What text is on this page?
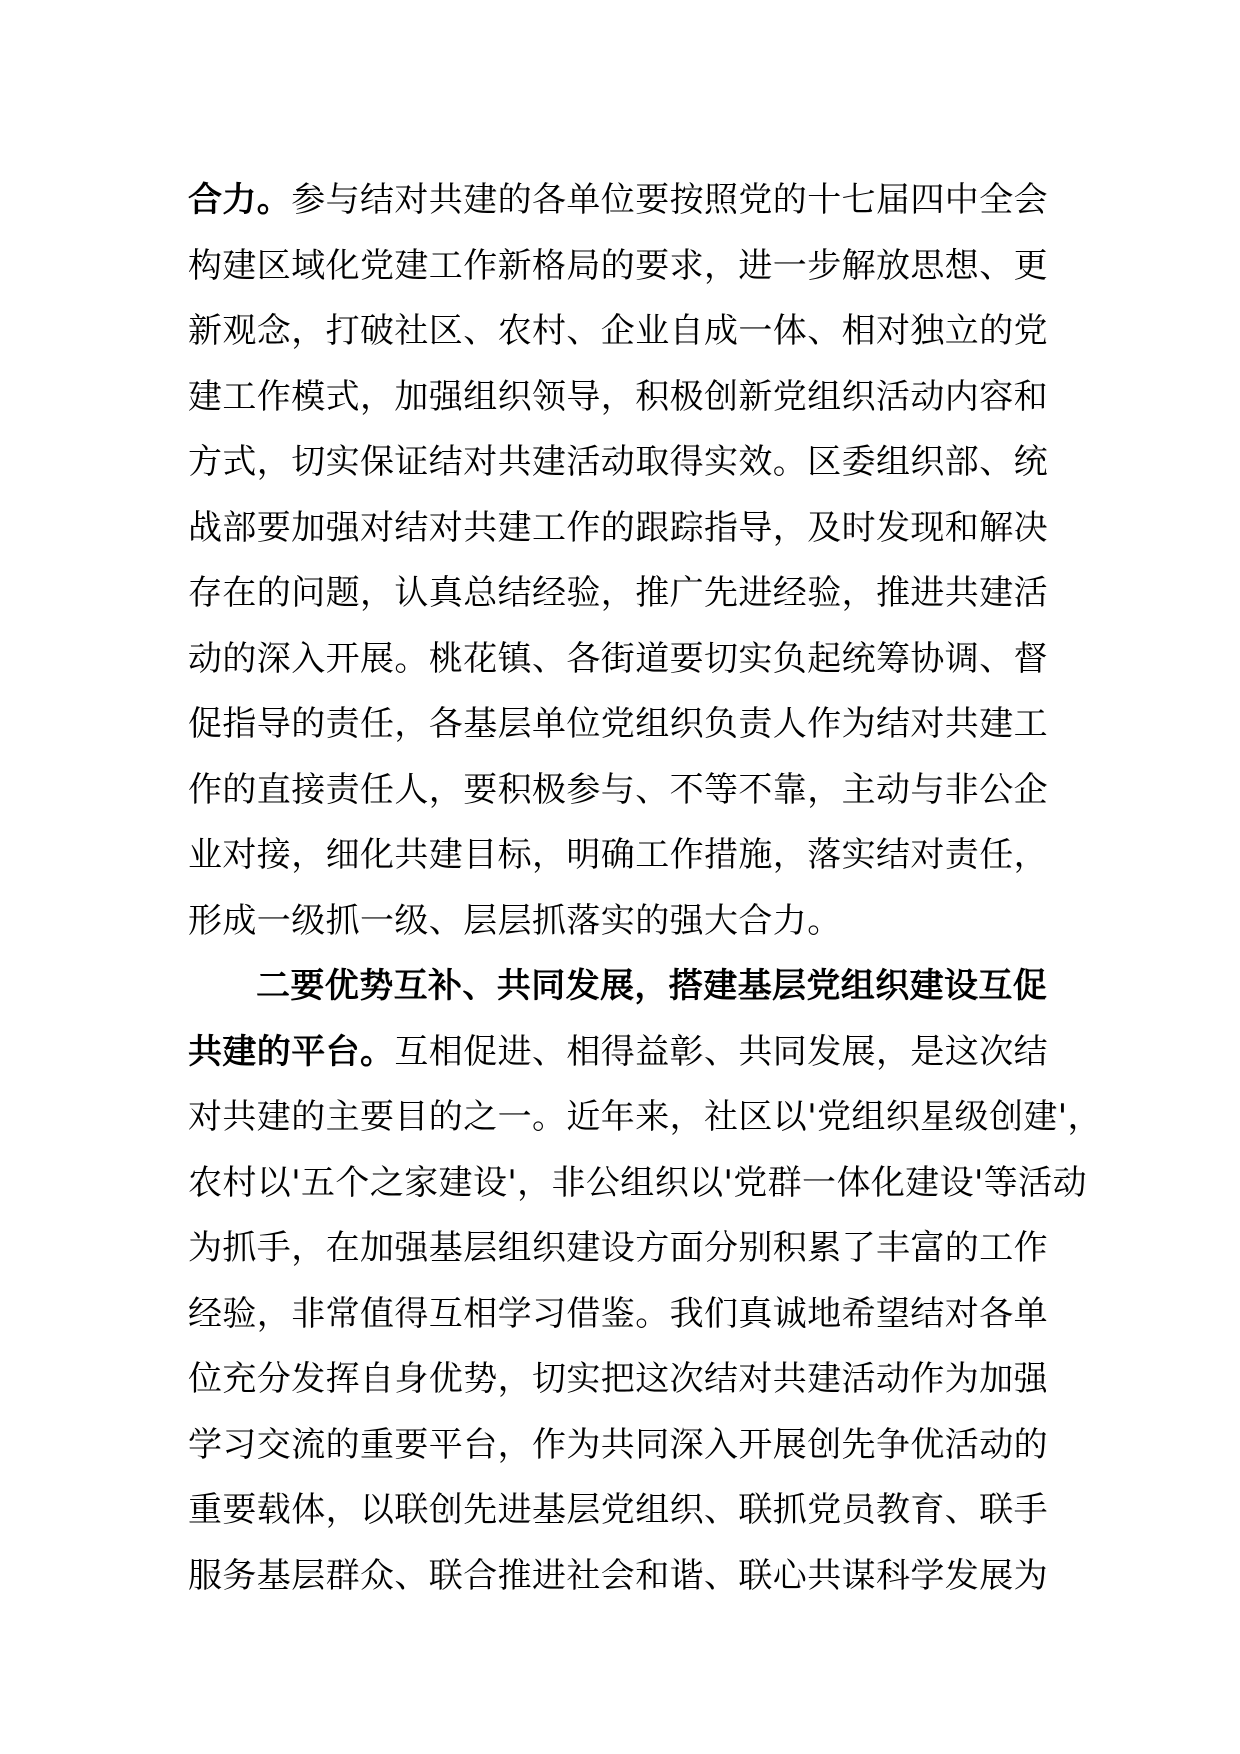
合力。参与结对共建的各单位要按照党的十七届四中全会
构建区域化党建工作新格局的要求，进一步解放思想、更
新观念，打破社区、农村、企业自成一体、相对独立的党
建工作模式，加强组织领导，积极创新党组织活动内容和
方式，切实保证结对共建活动取得实效。区委组织部、统
战部要加强对结对共建工作的跟踪指导，及时发现和解决
存在的问题，认真总结经验，推广先进经验，推进共建活
动的深入开展。桃花镇、各街道要切实负起统筹协调、督
促指导的责任，各基层单位党组织负责人作为结对共建工
作的直接责任人，要积极参与、不等不靠，主动与非公企
业对接，细化共建目标，明确工作措施，落实结对责任，
形成一级抓一级、层层抓落实的强大合力。
二要优势互补、共同发展，搭建基层党组织建设互促
共建的平台。互相促进、相得益彰、共同发展，是这次结
对共建的主要目的之一。近年来，社区以'党组织星级创建'，
农村以'五个之家建设'，非公组织以'党群一体化建设'等活动
为抓手，在加强基层组织建设方面分别积累了丰富的工作
经验，非常值得互相学习借鉴。我们真诚地希望结对各单
位充分发挥自身优势，切实把这次结对共建活动作为加强
学习交流的重要平台，作为共同深入开展创先争优活动的
重要载体，以联创先进基层党组织、联抓党员教育、联手
服务基层群众、联合推进社会和谐、联心共谋科学发展为
